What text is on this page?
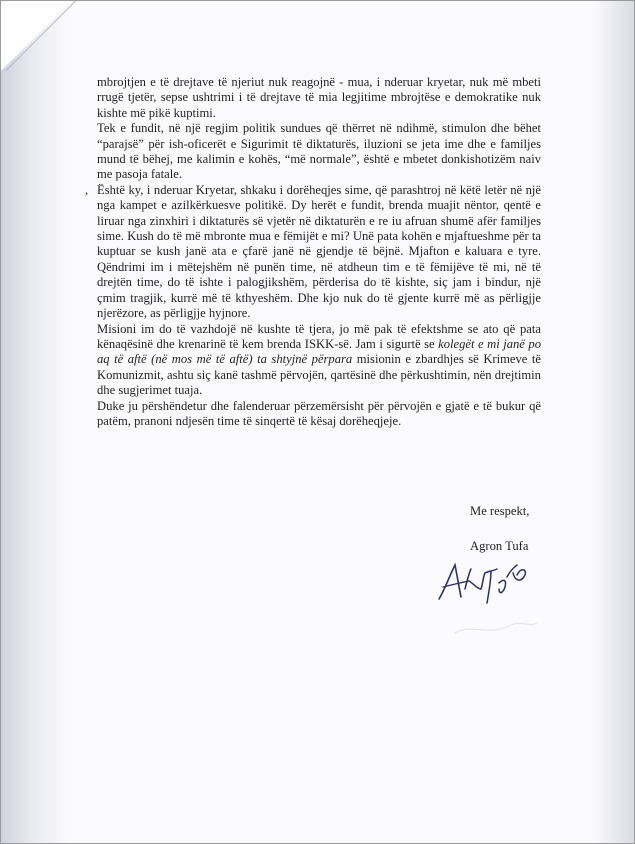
mbrojtjen e të drejtave të njeriut nuk reagojnë - mua, i nderuar kryetar, nuk më mbeti rrugë tjetër, sepse ushtrimi i të drejtave të mia legjitime mbrojtëse e demokratike nuk kishte më pikë kuptimi.

Tek e fundit, në një regjim politik sundues që thërret në ndihmë, stimulon dhe bëhet “parajsë” për ish-oficerët e Sigurimit të diktaturës, iluzioni se jeta ime dhe e familjes mund të bëhej, me kalimin e kohës, “më normale”, është e mbetet donkishotizëm naiv me pasoja fatale.

, Është ky, i nderuar Kryetar, shkaku i dorëheqjes sime, që parashtroj në këtë letër në një nga kampet e azilkërkuesve politikë. Dy herët e fundit, brenda muajit nëntor, qentë e liruar nga zinxhiri i diktaturës së vjetër në diktaturën e re iu afruan shumë afër familjes sime. Kush do të më mbronte mua e fëmijët e mi? Unë pata kohën e mjaftueshme për ta kuptuar se kush janë ata e çfarë janë në gjendje të bëjnë. Mjafton e kaluara e tyre. Qëndrimi im i mëtejshëm në punën time, në atdheun tim e të fëmijëve të mi, në të drejtën time, do të ishte i palogjikshëm, përderisa do të kishte, siç jam i bindur, një çmim tragjik, kurrë më të kthyeshëm. Dhe kjo nuk do të gjente kurrë më as përligjje njerëzore, as përligjje hyjnore.

Misioni im do të vazhdojë në kushte të tjera, jo më pak të efektshme se ato që pata kënaqësinë dhe krenarinë të kem brenda ISKK-së. Jam i sigurtë se kolegët e mi janë po aq të aftë (në mos më të aftë) ta shtyjnë përpara misionin e zbardhjes së Krimeve të Komunizmit, ashtu siç kanë tashmë përvojën, qartësinë dhe përkushtimin, nën drejtimin dhe sugjerimet tuaja.

Duke ju përshëndetur dhe falenderuar përzemërsisht për përvojën e gjatë e të bukur që patëm, pranoni ndjesën time të sinqertë të kësaj dorëheqjeje.

Me respekt,
Agron Tufa
